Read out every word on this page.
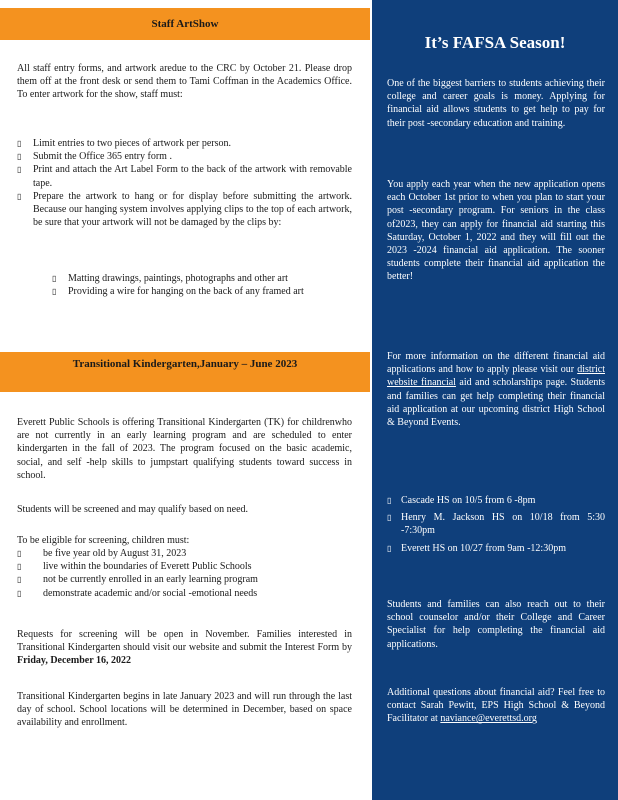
Staff ArtShow
All staff entry forms, and artwork aredue to the CRC by October 21. Please drop them off at the front desk or send them to Tami Coffman in the Academics Office. To enter artwork for the show, staff must:
▯	Limit entries to two pieces of artwork per person.
▯	Submit the Office 365 entry form .
▯	Print and attach the Art Label Form to the back of the artwork with removable tape.
▯	Prepare the artwork to hang or for display before submitting the artwork. Because our hanging system involves applying clips to the top of each artwork, be sure that your artwork will not be damaged by the clips by:
▯	Matting drawings, paintings, photographs and other art
▯	Providing a wire for hanging on the back of any framed art
Transitional Kindergarten,January – June 2023
Everett Public Schools is offering Transitional Kindergarten (TK) for childrenwho are not currently in an early learning program and are scheduled to enter kindergarten in the fall of 2023. The program focused on the basic academic, social, and self -help skills to jumpstart qualifying students toward success in school.
Students will be screened and may qualify based on need.
To be eligible for screening, children must:
▯	be five year old by August 31, 2023
▯	live within the boundaries of Everett Public Schools
▯	not be currently enrolled in an early learning program
▯	demonstrate academic and/or social -emotional needs
Requests for screening will be open in November. Families interested in Transitional Kindergarten should visit our website and submit the Interest Form by Friday, December 16, 2022
Transitional Kindergarten begins in late January 2023 and will run through the last day of school. School locations will be determined in December, based on space availability and enrollment.
It’s FAFSA Season!
One of the biggest barriers to students achieving their college and career goals is money. Applying for financial aid allows students to get help to pay for their post -secondary education and training.
You apply each year when the new application opens each October 1st prior to when you plan to start your post -secondary program. For seniors in the class of2023, they can apply for financial aid starting this Saturday, October 1, 2022 and they will fill out the 2023 -2024 financial aid application. The sooner students complete their financial aid application the better!
For more information on the different financial aid applications and how to apply please visit our district website financial aid and scholarships page. Students and families can get help completing their financial aid application at our upcoming district High School & Beyond Events.
▯ Cascade HS on 10/5 from 6 -8pm
▯ Henry M. Jackson HS on 10/18 from 5:30 -7:30pm
▯ Everett HS on 10/27 from 9am -12:30pm
Students and families can also reach out to their school counselor and/or their College and Career Specialist for help completing the financial aid applications.
Additional questions about financial aid? Feel free to contact Sarah Pewitt, EPS High School & Beyond Facilitator at naviance@everettsd.org
